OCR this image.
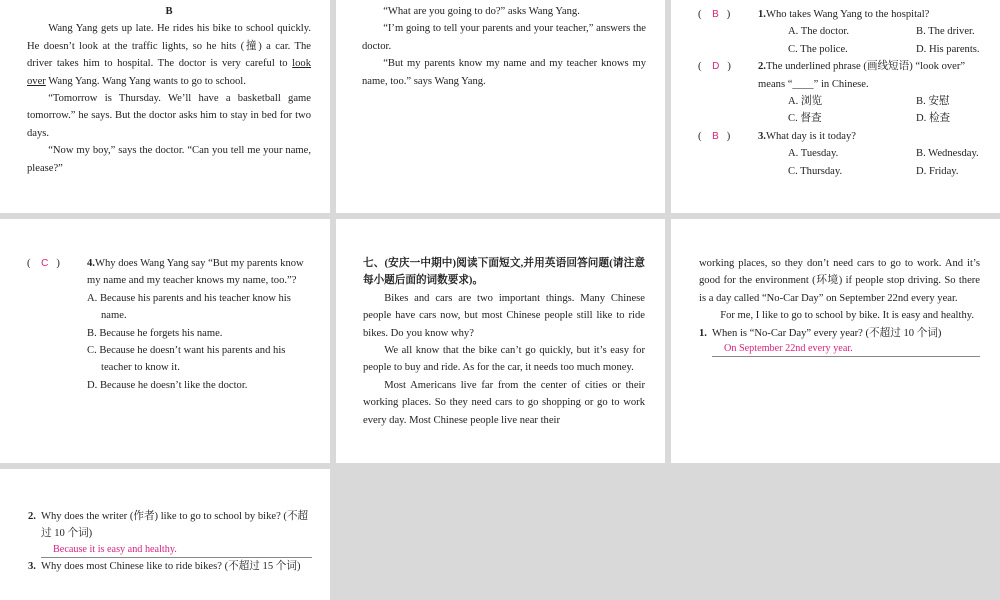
B

Wang Yang gets up late. He rides his bike to school quickly. He doesn’t look at the traffic lights, so he hits (撞) a car. The driver takes him to hospital. The doctor is very careful to look over Wang Yang. Wang Yang wants to go to school.

“Tomorrow is Thursday. We’ll have a basketball game tomorrow.” he says. But the doctor asks him to stay in bed for two days.

“Now my boy,” says the doctor. “Can you tell me your name, please?”

“What are you going to do?” asks Wang Yang.

“I’m going to tell your parents and your teacher,” answers the doctor.

“But my parents know my name and my teacher knows my name, too.” says Wang Yang.

( B )	1.Who takes Wang Yang to the hospital?
A. The doctor.	B. The driver.
C. The police.	D. His parents.
( D )	2.The underlined phrase (画线短语) “look over” means “____” in Chinese.
A. 浏览	B. 安慰
C. 督查	D. 检查
( B )	3.What day is it today?
A. Tuesday.	B. Wednesday.
C. Thursday.	D. Friday.
( C )	4.Why does Wang Yang say “But my parents know my name and my teacher knows my name, too.”?
A. Because his parents and his teacher know his name.
B. Because he forgets his name.
C. Because he doesn’t want his parents and his teacher to know it.
D. Because he doesn’t like the doctor.

七、(安庆一中期中)阅读下面短文,并用英语回答问题(请注意每小题后面的词数要求)。

Bikes and cars are two important things. Many Chinese people have cars now, but most Chinese people still like to ride bikes. Do you know why?

We all know that the bike can’t go quickly, but it’s easy for people to buy and ride. As for the car, it needs too much money.

Most Americans live far from the center of cities or their working places. So they need cars to go shopping or go to work every day. Most Chinese people live near their

working places, so they don’t need cars to go to work. And it’s good for the environment (环境) if people stop driving. So there is a day called “No-Car Day” on September 22nd every year.

For me, I like to go to school by bike. It is easy and healthy.

1. When is “No-Car Day” every year? (不超过 10 个词)
On September 22nd every year.
2. Why does the writer (作者) like to go to school by bike? (不超过 10 个词)
Because it is easy and healthy.
3. Why does most Chinese like to ride bikes? (不超过 15 个词)
